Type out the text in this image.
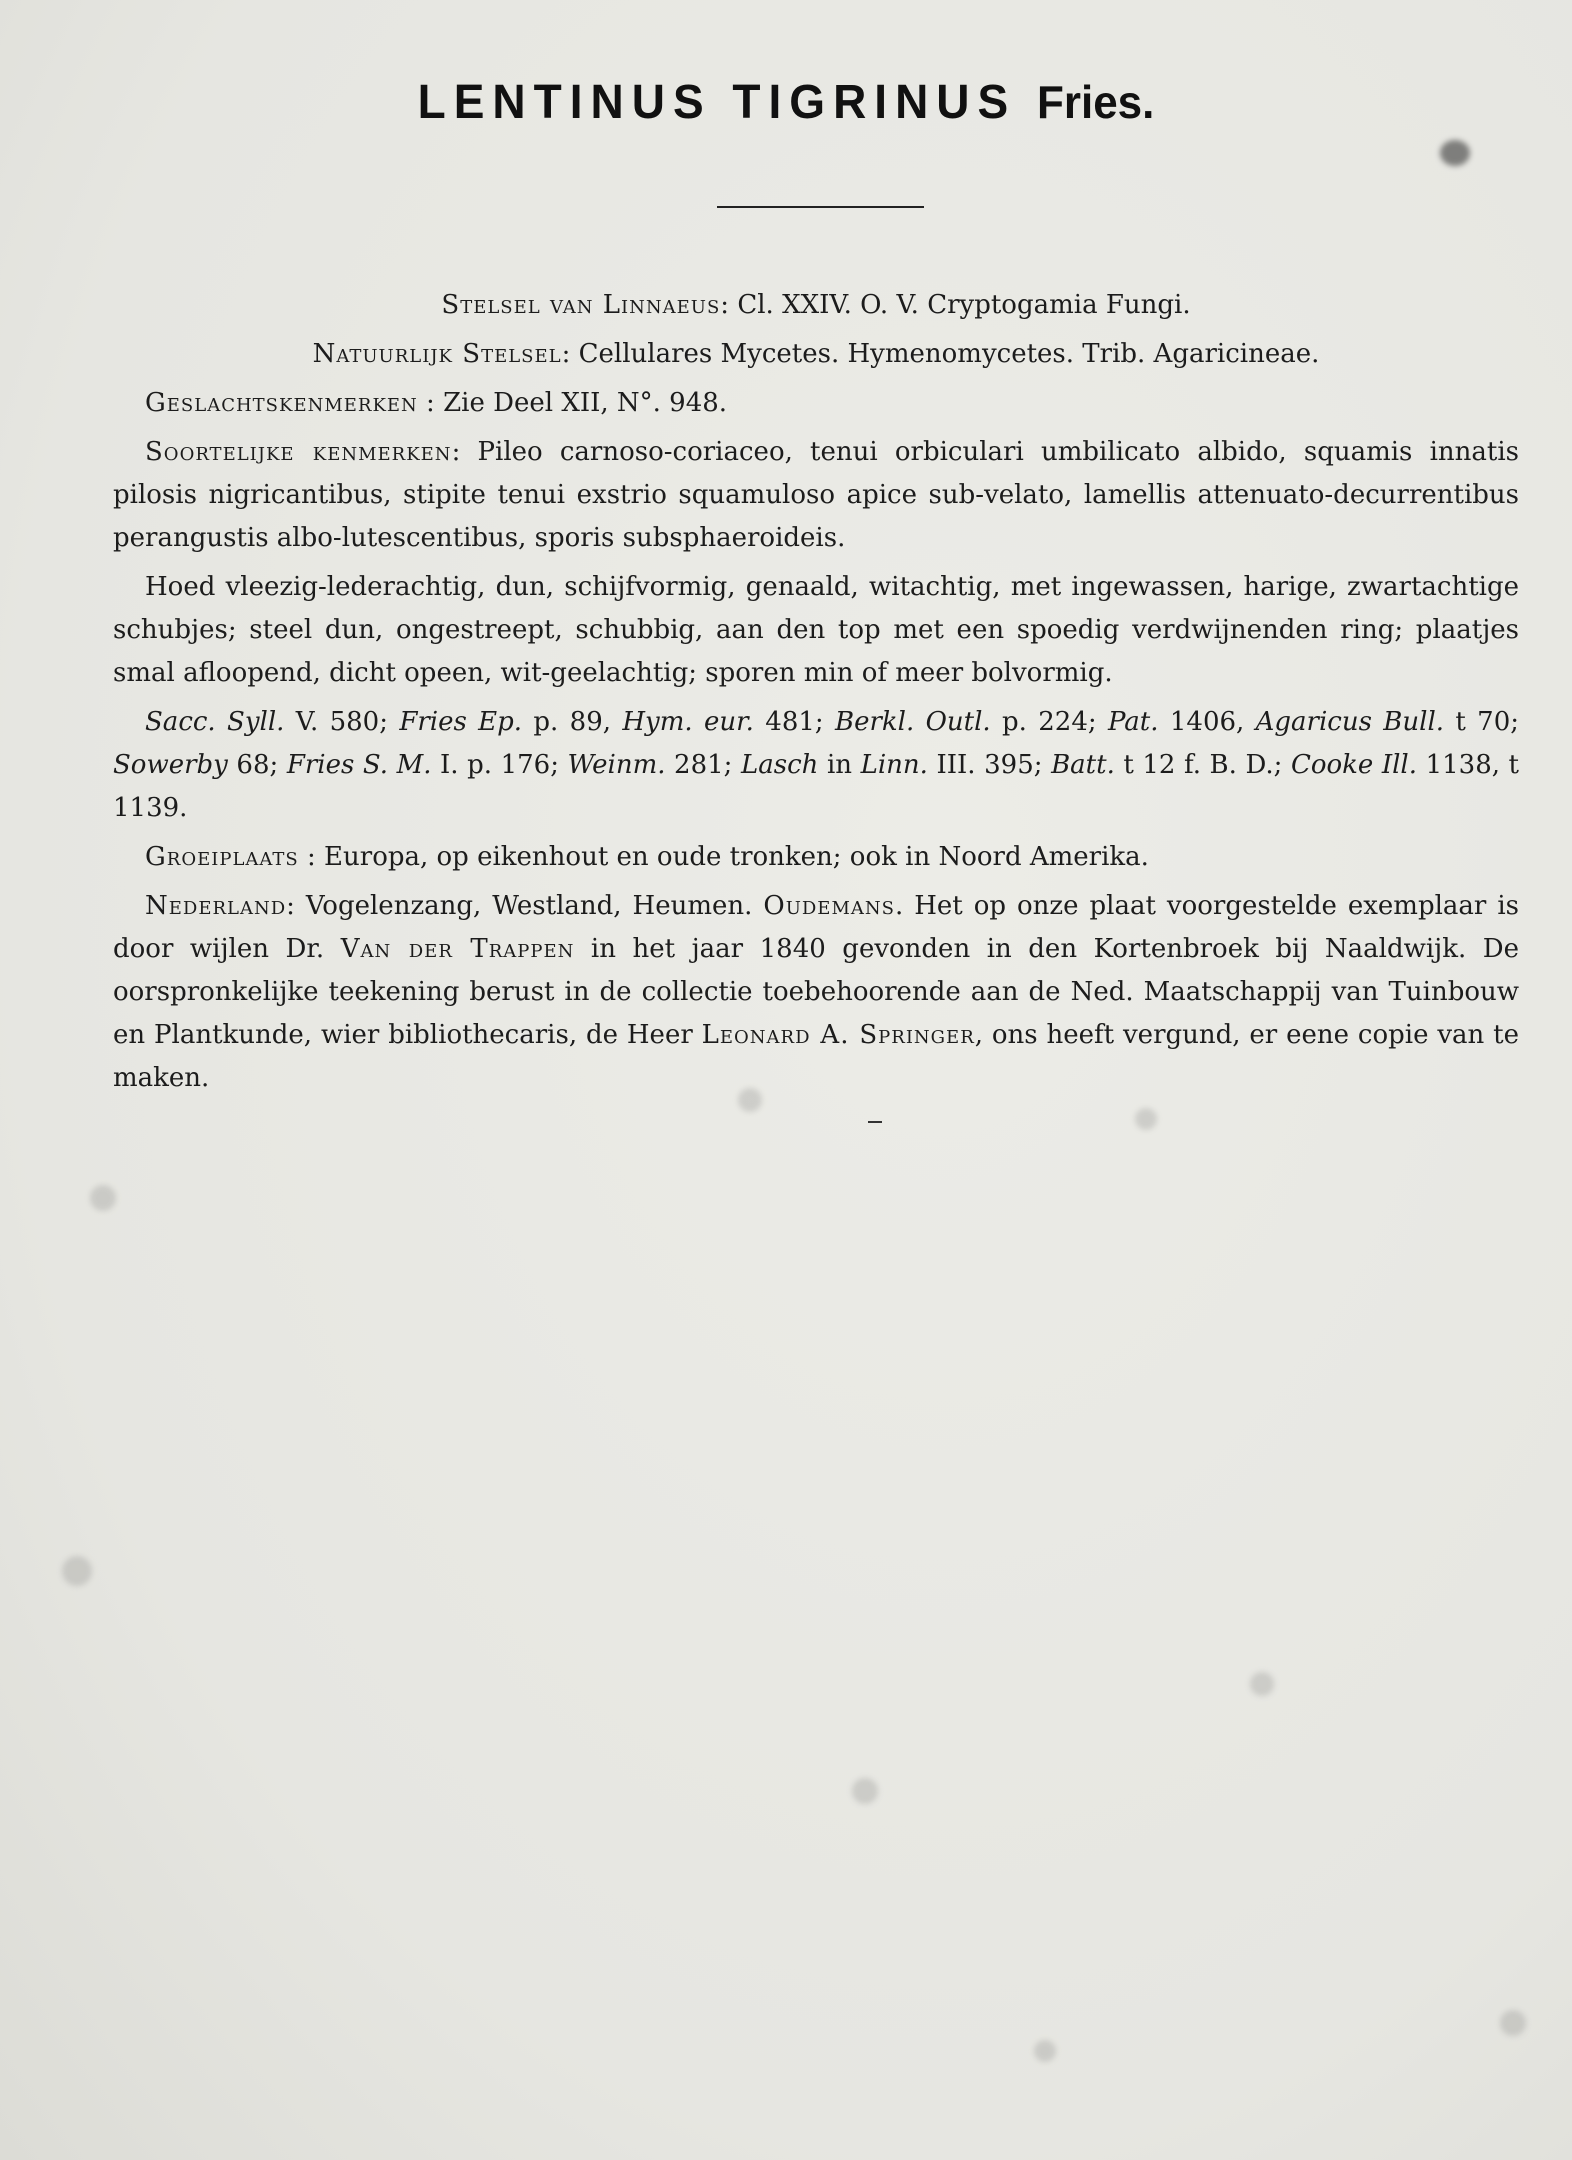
LENTINUS TIGRINUS Fries.

Stelsel van Linnaeus: Cl. XXIV. O. V. Cryptogamia Fungi.

Natuurlijk Stelsel: Cellulares Mycetes. Hymenomycetes. Trib. Agaricineae.

Geslachtskenmerken : Zie Deel XII, N°. 948.

Soortelijke kenmerken: Pileo carnoso-coriaceo, tenui orbiculari umbilicato albido, squamis innatis pilosis nigricantibus, stipite tenui exstrio squamuloso apice sub-velato, lamellis attenuato-decurrentibus perangustis albo-lutescentibus, sporis subsphaeroideis.

Hoed vleezig-lederachtig, dun, schijfvormig, genaald, witachtig, met ingewassen, harige, zwartachtige schubjes; steel dun, ongestreept, schubbig, aan den top met een spoedig verdwijnenden ring; plaatjes smal afloopend, dicht opeen, wit-geelachtig; sporen min of meer bolvormig.

Sacc. Syll. V. 580; Fries Ep. p. 89, Hym. eur. 481; Berkl. Outl. p. 224; Pat. 1406, Agaricus Bull. t 70; Sowerby 68; Fries S. M. I. p. 176; Weinm. 281; Lasch in Linn. III. 395; Batt. t 12 f. B. D.; Cooke Ill. 1138, t 1139.

Groeiplaats : Europa, op eikenhout en oude tronken; ook in Noord Amerika.

Nederland: Vogelenzang, Westland, Heumen. Oudemans. Het op onze plaat voorgestelde exemplaar is door wijlen Dr. Van der Trappen in het jaar 1840 gevonden in den Kortenbroek bij Naaldwijk. De oorspronkelijke teekening berust in de collectie toebehoorende aan de Ned. Maatschappij van Tuinbouw en Plantkunde, wier bibliothecaris, de Heer Leonard A. Springer, ons heeft vergund, er eene copie van te maken.
